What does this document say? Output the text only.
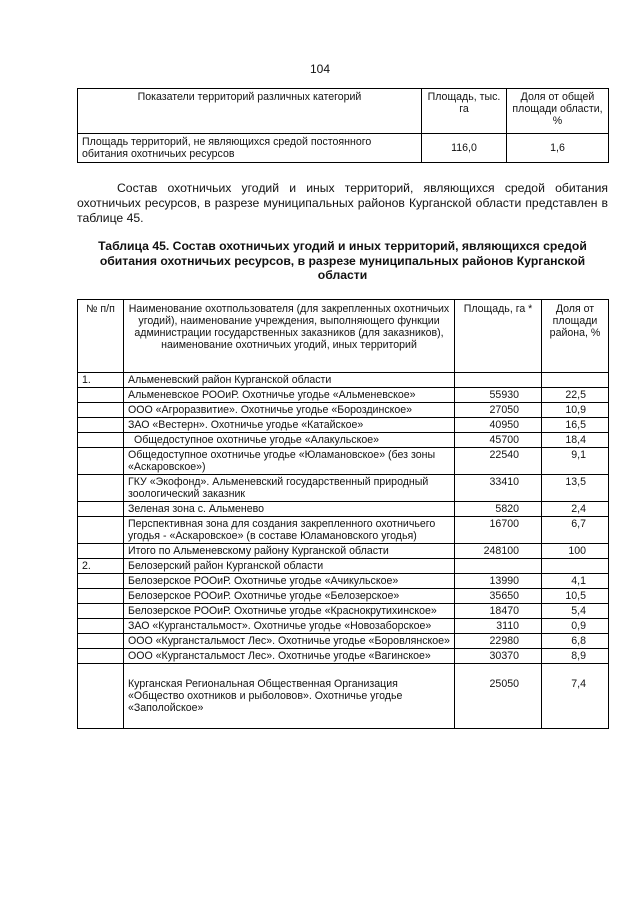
104
Показатели территорий различных категорий	Площадь, тыс. га	Доля от общей площади области, %
Площадь территорий, не являющихся средой постоянного обитания охотничьих ресурсов	116,0	1,6

Состав охотничьих угодий и иных территорий, являющихся средой обитания охотничьих ресурсов, в разрезе муниципальных районов Курганской области представлен в таблице 45.

Таблица 45. Состав охотничьих угодий и иных территорий, являющихся средой обитания охотничьих ресурсов, в разрезе муниципальных районов Курганской области

№ п/п	Наименование охотпользователя (для закрепленных охотничьих угодий), наименование учреждения, выполняющего функции администрации государственных заказников (для заказников), наименование охотничьих угодий, иных территорий	Площадь, га *	Доля от площади района, %
1.	Альменевский район Курганской области		
	Альменевское РООиР. Охотничье угодье «Альменевское»	55930	22,5
	ООО «Агроразвитие». Охотничье угодье «Бороздинское»	27050	10,9
	ЗАО «Вестерн». Охотничье угодье «Катайское»	40950	16,5
	Общедоступное охотничье угодье «Алакульское»	45700	18,4
	Общедоступное охотничье угодье «Юламановское» (без зоны «Аскаровское»)	22540	9,1
	ГКУ «Экофонд». Альменевский государственный природный зоологический заказник	33410	13,5
	Зеленая зона с. Альменево	5820	2,4
	Перспективная зона для создания закрепленного охотничьего угодья - «Аскаровское» (в составе Юламановского угодья)	16700	6,7
	Итого по Альменевскому району Курганской области	248100	100
2.	Белозерский район Курганской области		
	Белозерское РООиР. Охотничье угодье «Ачикульское»	13990	4,1
	Белозерское РООиР. Охотничье угодье «Белозерское»	35650	10,5
	Белозерское РООиР. Охотничье угодье «Краснокрутихинское»	18470	5,4
	ЗАО «Курганстальмост». Охотничье угодье «Новозаборское»	3110	0,9
	ООО «Курганстальмост Лес». Охотничье угодье «Боровлянское»	22980	6,8
	ООО «Курганстальмост Лес». Охотничье угодье «Вагинское»	30370	8,9
	Курганская Региональная Общественная Организация «Общество охотников и рыболовов». Охотничье угодье «Заполойское»	25050	7,4
